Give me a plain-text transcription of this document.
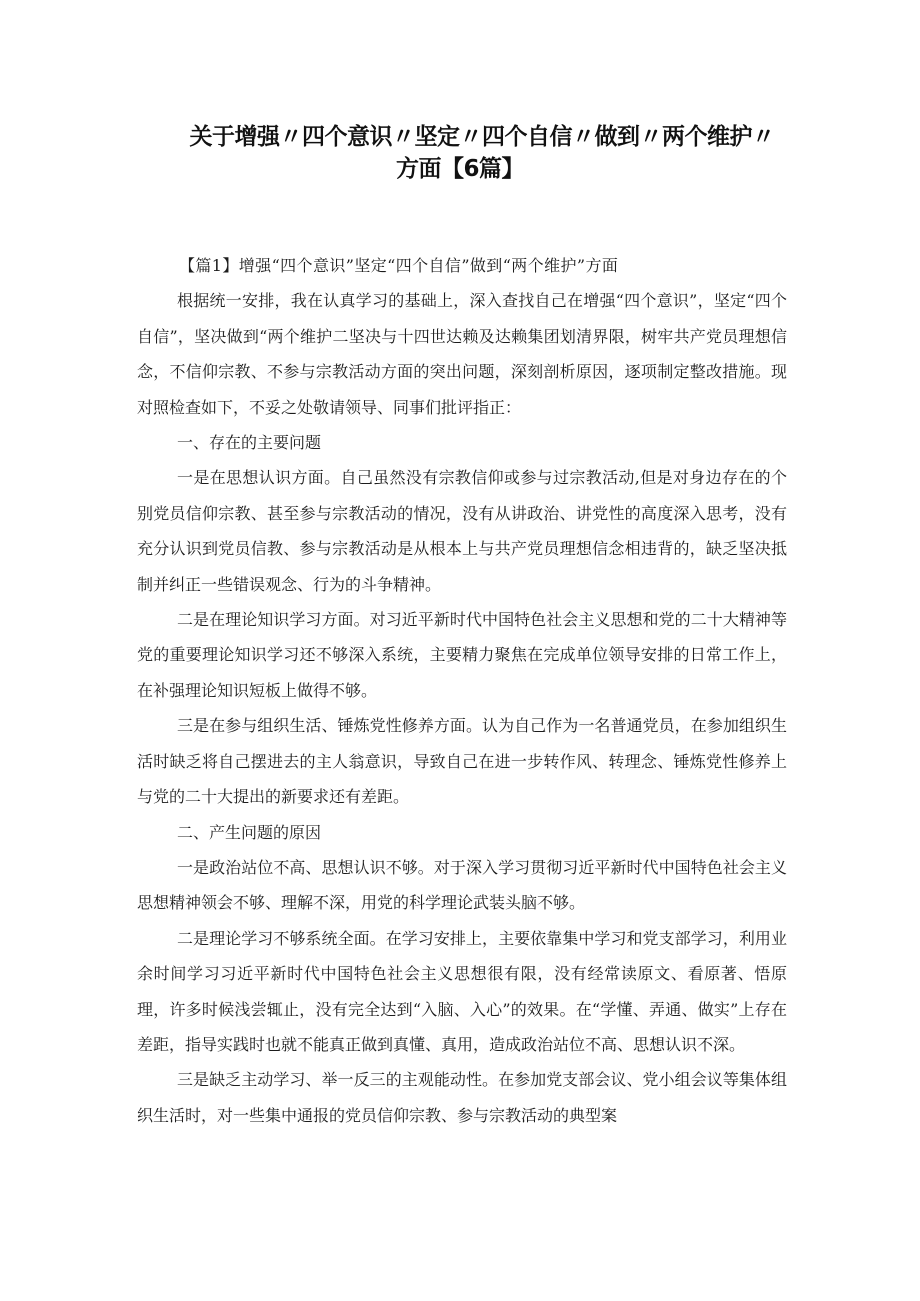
关于增强〃四个意识〃坚定〃四个自信〃做到〃两个维护〃
方面【6篇】

【篇1】增强“四个意识”坚定“四个自信”做到“两个维护”方面

根据统一安排，我在认真学习的基础上，深入查找自己在增强“四个意识”，坚定“四个自信”，坚决做到“两个维护二坚决与十四世达赖及达赖集团划清界限，树牢共产党员理想信念，不信仰宗教、不参与宗教活动方面的突出问题，深刻剖析原因，逐项制定整改措施。现对照检查如下，不妥之处敬请领导、同事们批评指正：

一、存在的主要问题

一是在思想认识方面。自己虽然没有宗教信仰或参与过宗教活动,但是对身边存在的个别党员信仰宗教、甚至参与宗教活动的情况，没有从讲政治、讲党性的高度深入思考，没有充分认识到党员信教、参与宗教活动是从根本上与共产党员理想信念相违背的，缺乏坚决抵制并纠正一些错误观念、行为的斗争精神。

二是在理论知识学习方面。对习近平新时代中国特色社会主义思想和党的二十大精神等党的重要理论知识学习还不够深入系统，主要精力聚焦在完成单位领导安排的日常工作上，在补强理论知识短板上做得不够。

三是在参与组织生活、锤炼党性修养方面。认为自己作为一名普通党员，在参加组织生活时缺乏将自己摆进去的主人翁意识，导致自己在进一步转作风、转理念、锤炼党性修养上与党的二十大提出的新要求还有差距。

二、产生问题的原因

一是政治站位不高、思想认识不够。对于深入学习贯彻习近平新时代中国特色社会主义思想精神领会不够、理解不深，用党的科学理论武装头脑不够。

二是理论学习不够系统全面。在学习安排上，主要依靠集中学习和党支部学习，利用业余时间学习习近平新时代中国特色社会主义思想很有限，没有经常读原文、看原著、悟原理，许多时候浅尝辄止，没有完全达到“入脑、入心”的效果。在“学懂、弄通、做实”上存在差距，指导实践时也就不能真正做到真懂、真用，造成政治站位不高、思想认识不深。

三是缺乏主动学习、举一反三的主观能动性。在参加党支部会议、党小组会议等集体组织生活时，对一些集中通报的党员信仰宗教、参与宗教活动的典型案
